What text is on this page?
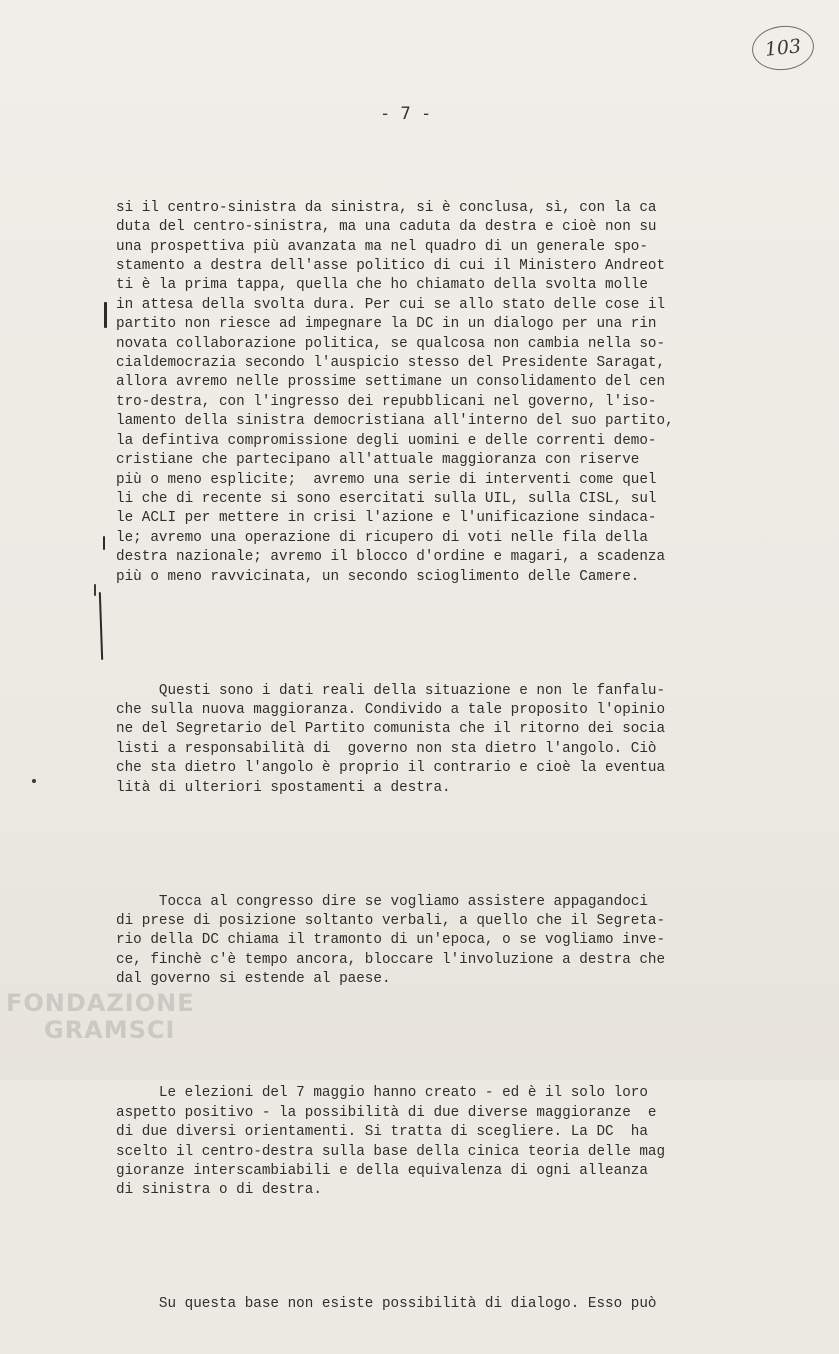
103
- 7 -

si il centro-sinistra da sinistra, si è conclusa, sì, con la ca
duta del centro-sinistra, ma una caduta da destra e cioè non su
una prospettiva più avanzata ma nel quadro di un generale spo-
stamento a destra dell'asse politico di cui il Ministero Andreot
ti è la prima tappa, quella che ho chiamato della svolta molle
in attesa della svolta dura. Per cui se allo stato delle cose il
partito non riesce ad impegnare la DC in un dialogo per una rin
novata collaborazione politica, se qualcosa non cambia nella so-
cialdemocrazia secondo l'auspicio stesso del Presidente Saragat,
allora avremo nelle prossime settimane un consolidamento del cen
tro-destra, con l'ingresso dei repubblicani nel governo, l'iso-
lamento della sinistra democristiana all'interno del suo partito,
la defintiva compromissione degli uomini e delle correnti demo-
cristiane che partecipano all'attuale maggioranza con riserve
più o meno esplicite;  avremo una serie di interventi come quel
li che di recente si sono esercitati sulla UIL, sulla CISL, sul
le ACLI per mettere in crisi l'azione e l'unificazione sindaca-
le; avremo una operazione di ricupero di voti nelle fila della
destra nazionale; avremo il blocco d'ordine e magari, a scadenza
più o meno ravvicinata, un secondo scioglimento delle Camere.

Questi sono i dati reali della situazione e non le fanfalu-
che sulla nuova maggioranza. Condivido a tale proposito l'opinio
ne del Segretario del Partito comunista che il ritorno dei socia
listi a responsabilità di  governo non sta dietro l'angolo. Ciò
che sta dietro l'angolo è proprio il contrario e cioè la eventua
lità di ulteriori spostamenti a destra.

Tocca al congresso dire se vogliamo assistere appagandoci
di prese di posizione soltanto verbali, a quello che il Segreta-
rio della DC chiama il tramonto di un'epoca, o se vogliamo inve-
ce, finchè c'è tempo ancora, bloccare l'involuzione a destra che
dal governo si estende al paese.

Le elezioni del 7 maggio hanno creato - ed è il solo loro
aspetto positivo - la possibilità di due diverse maggioranze  e
di due diversi orientamenti. Si tratta di scegliere. La DC  ha
scelto il centro-destra sulla base della cinica teoria delle mag
gioranze interscambiabili e della equivalenza di ogni alleanza
di sinistra o di destra.

Su questa base non esiste possibilità di dialogo. Esso può

FONDAZIONE
GRAMSCI
